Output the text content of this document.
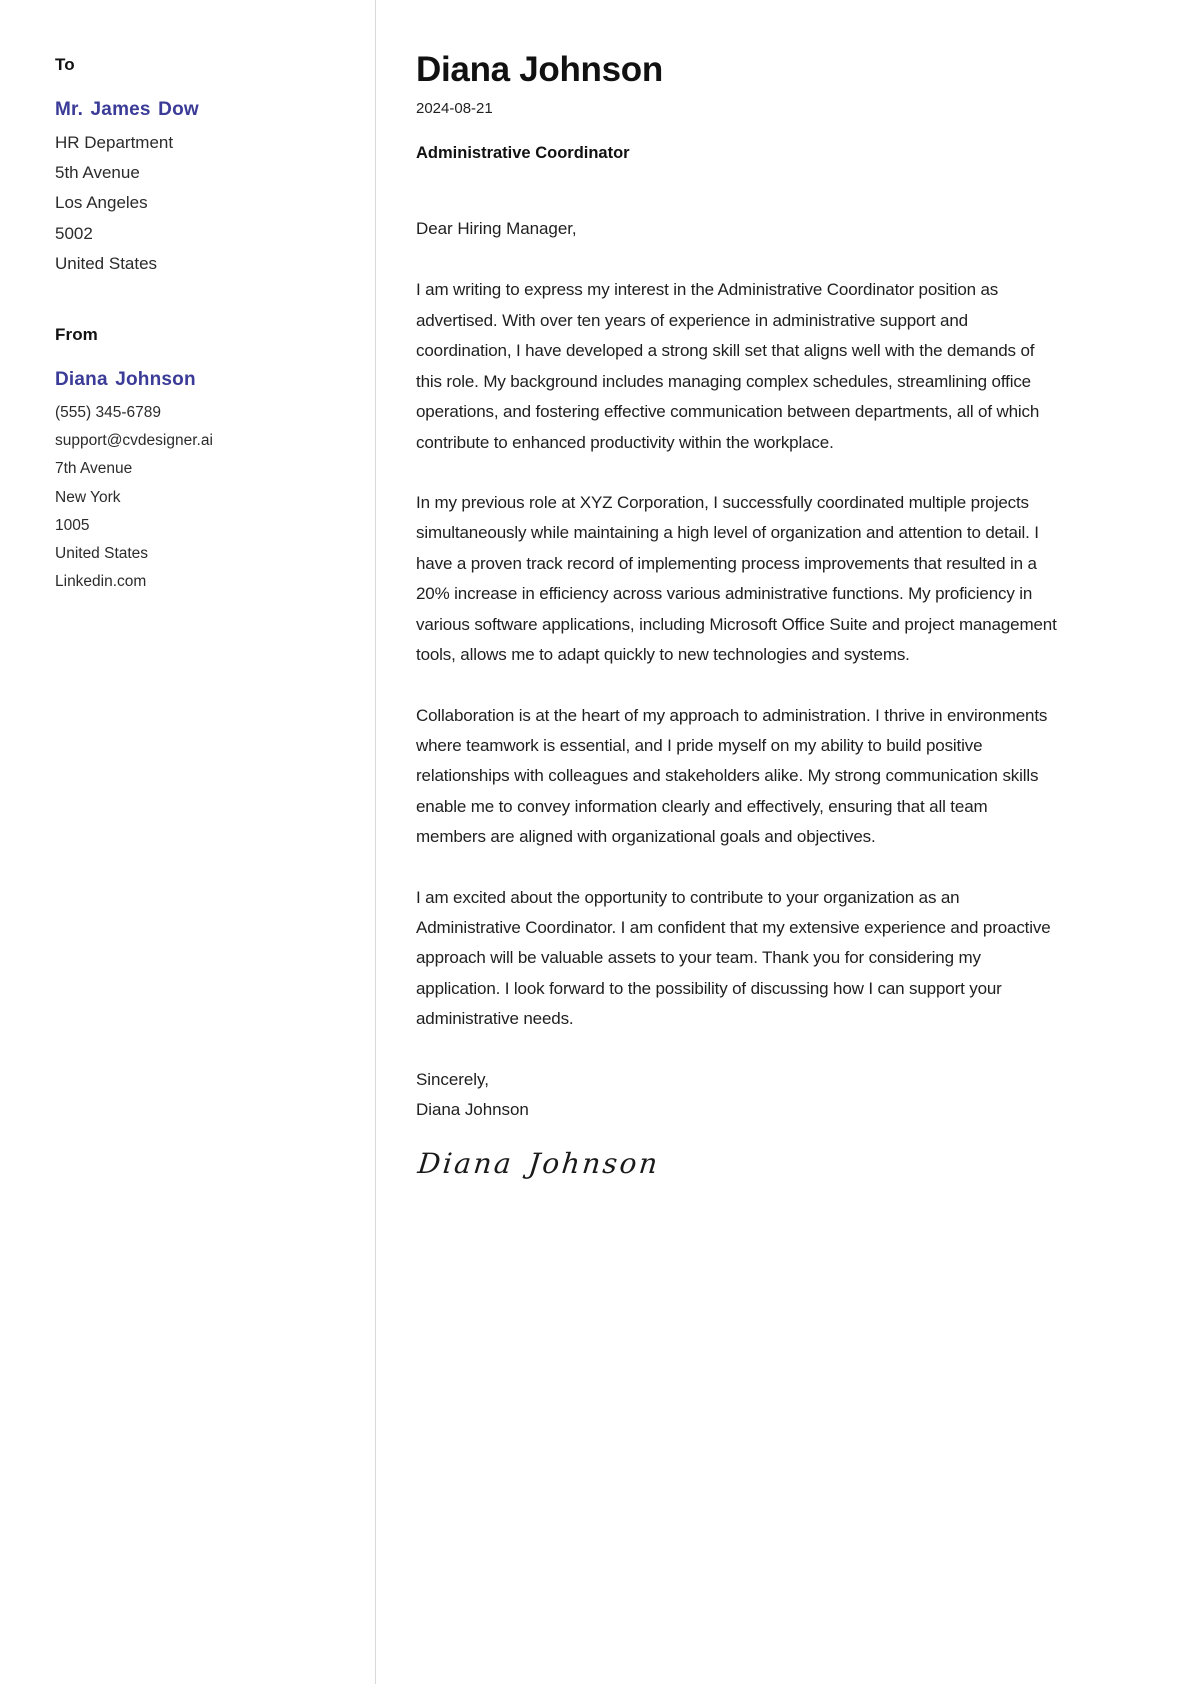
To

Mr. James Dow

HR Department

5th Avenue

Los Angeles

5002

United States

From

Diana Johnson

(555) 345-6789

support@cvdesigner.ai

7th Avenue

New York

1005

United States

Linkedin.com

Diana Johnson

2024-08-21

Administrative Coordinator

Dear Hiring Manager,

I am writing to express my interest in the Administrative Coordinator position as advertised. With over ten years of experience in administrative support and coordination, I have developed a strong skill set that aligns well with the demands of this role. My background includes managing complex schedules, streamlining office operations, and fostering effective communication between departments, all of which contribute to enhanced productivity within the workplace.

In my previous role at XYZ Corporation, I successfully coordinated multiple projects simultaneously while maintaining a high level of organization and attention to detail. I have a proven track record of implementing process improvements that resulted in a 20% increase in efficiency across various administrative functions. My proficiency in various software applications, including Microsoft Office Suite and project management tools, allows me to adapt quickly to new technologies and systems.

Collaboration is at the heart of my approach to administration. I thrive in environments where teamwork is essential, and I pride myself on my ability to build positive relationships with colleagues and stakeholders alike. My strong communication skills enable me to convey information clearly and effectively, ensuring that all team members are aligned with organizational goals and objectives.

I am excited about the opportunity to contribute to your organization as an Administrative Coordinator. I am confident that my extensive experience and proactive approach will be valuable assets to your team. Thank you for considering my application. I look forward to the possibility of discussing how I can support your administrative needs.

Sincerely,

Diana Johnson

Diana Johnson
